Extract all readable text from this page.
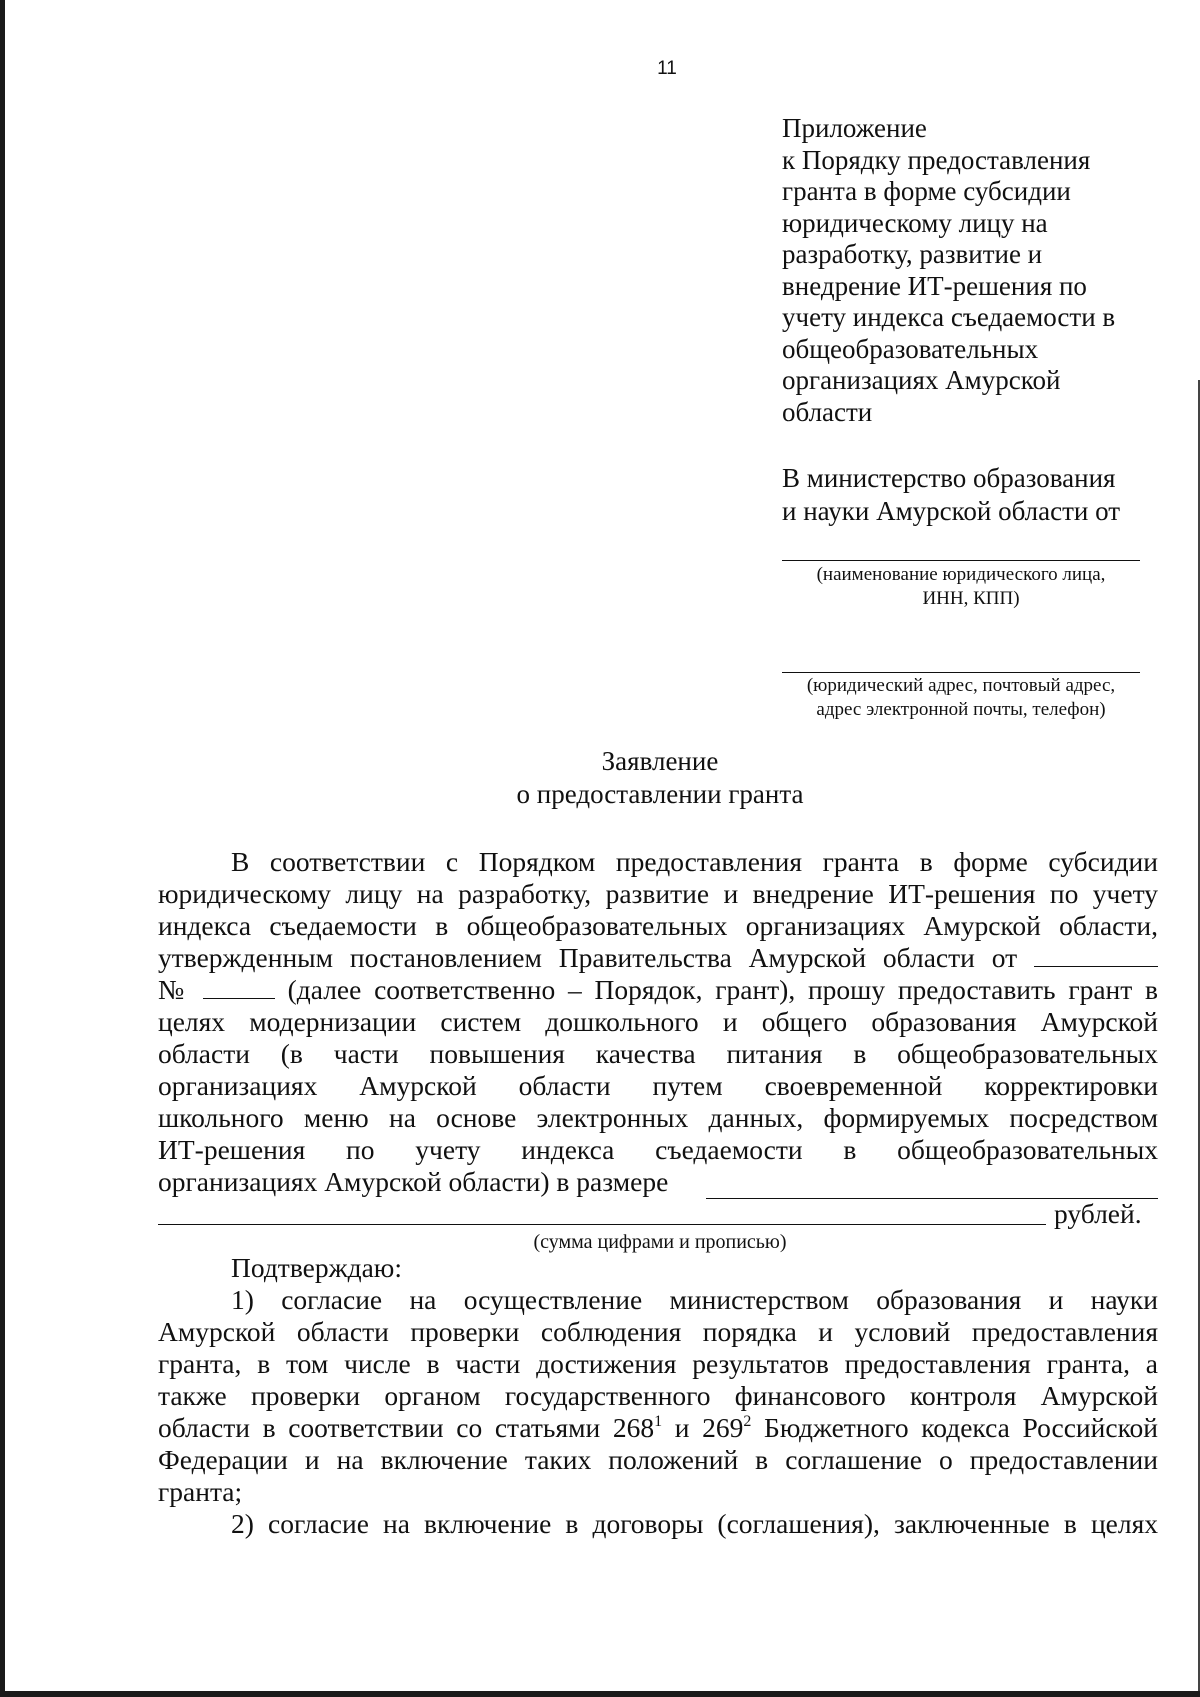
11
Приложение
к Порядку предоставления
гранта в форме субсидии
юридическому лицу на
разработку, развитие и
внедрение ИТ-решения по
учету индекса съедаемости в
общеобразовательных
организациях Амурской
области
В министерство образования
и науки Амурской области от
(наименование юридического лица,
ИНН, КПП)
(юридический адрес, почтовый адрес,
адрес электронной почты, телефон)
Заявление
о предоставлении гранта
В соответствии с Порядком предоставления гранта в форме субсидии
юридическому лицу на разработку, развитие и внедрение ИТ-решения по учету
индекса съедаемости в общеобразовательных организациях Амурской области,
утвержденным постановлением Правительства Амурской области от
№	(далее соответственно – Порядок, грант), прошу предоставить грант в
целях модернизации систем дошкольного и общего образования Амурской
области (в части повышения качества питания в общеобразовательных
организациях Амурской области путем своевременной корректировки
школьного меню на основе электронных данных, формируемых посредством
ИТ-решения по учету индекса съедаемости в общеобразовательных
организациях Амурской области) в размере
рублей.
(сумма цифрами и прописью)
Подтверждаю:
1) согласие на осуществление министерством образования и науки
Амурской области проверки соблюдения порядка и условий предоставления
гранта, в том числе в части достижения результатов предоставления гранта, а
также проверки органом государственного финансового контроля Амурской
области в соответствии со статьями $268^1$ и $269^2$ Бюджетного кодекса Российской
Федерации и на включение таких положений в соглашение о предоставлении
гранта;
2) согласие на включение в договоры (соглашения), заключенные в целях
